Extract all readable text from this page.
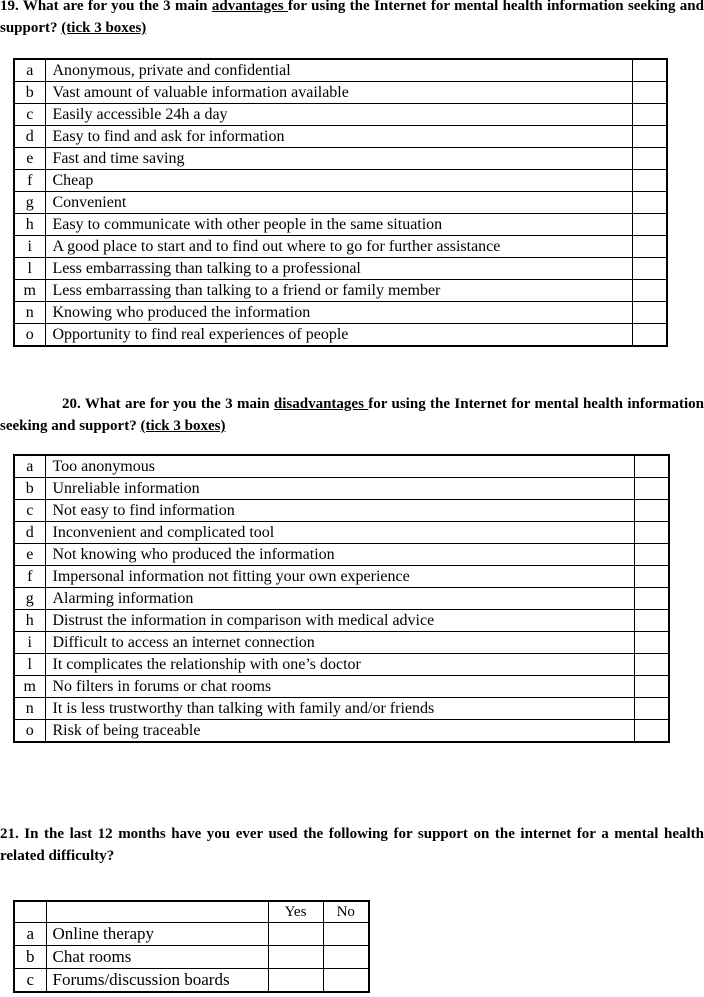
19. What are for you the 3 main advantages for using the Internet for mental health information seeking and support? (tick 3 boxes)
a	Anonymous, private and confidential	
b	Vast amount of valuable information available	
c	Easily accessible 24h a day	
d	Easy to find and ask for information	
e	Fast and time saving	
f	Cheap	
g	Convenient	
h	Easy to communicate with other people in the same situation	
i	A good place to start and to find out where to go for further assistance	
l	Less embarrassing than talking to a professional	
m	Less embarrassing than talking to a friend or family member	
n	Knowing who produced the information	
o	Opportunity to find real experiences of people	
20. What are for you the 3 main disadvantages for using the Internet for mental health information seeking and support? (tick 3 boxes)
a	Too anonymous	
b	Unreliable information	
c	Not easy to find information	
d	Inconvenient and complicated tool	
e	Not knowing who produced the information	
f	Impersonal information not fitting your own experience	
g	Alarming information	
h	Distrust the information in comparison with medical advice	
i	Difficult to access an internet connection	
l	It complicates the relationship with one’s doctor	
m	No filters in forums or chat rooms	
n	It is less trustworthy than talking with family and/or friends	
o	Risk of being traceable	
21. In the last 12 months have you ever used the following for support on the internet for a mental health related difficulty?
		Yes	No
a	Online therapy		
b	Chat rooms		
c	Forums/discussion boards		
